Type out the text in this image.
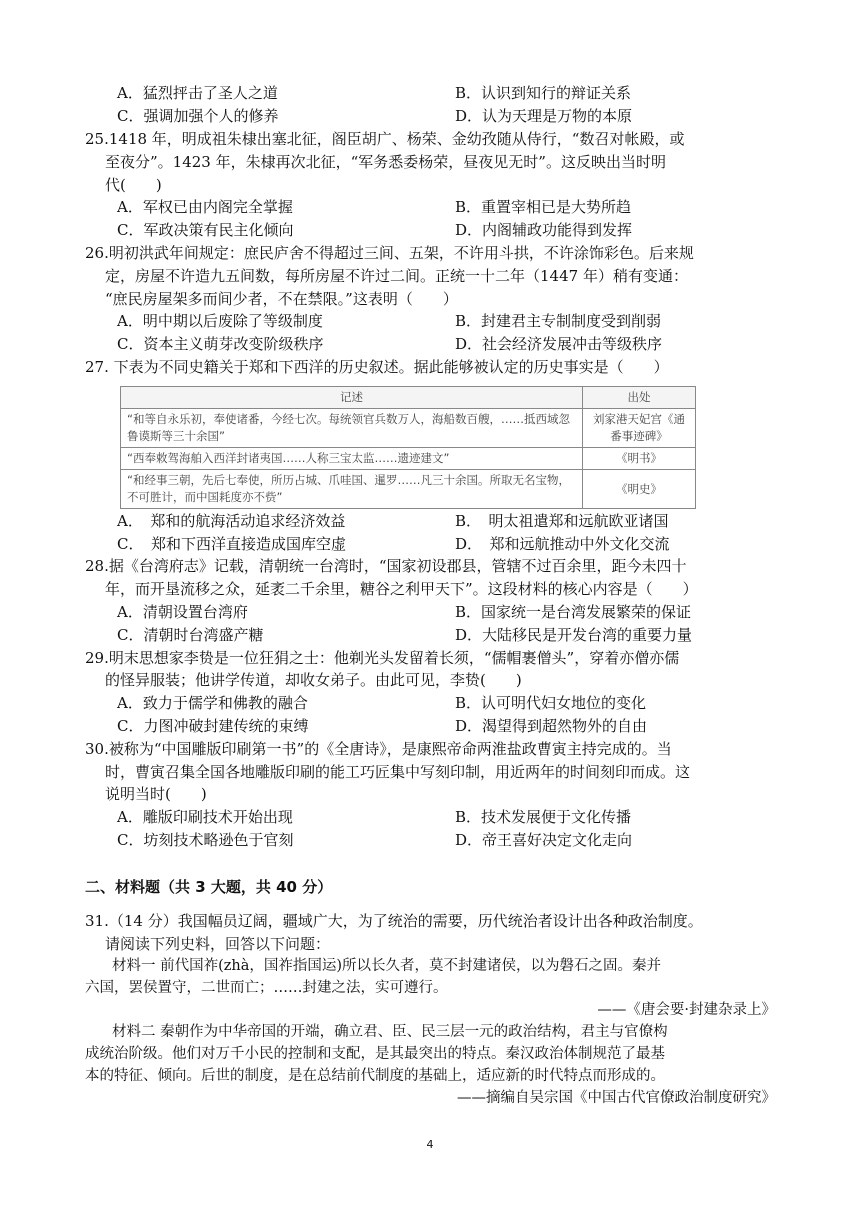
A．猛烈抨击了圣人之道	B．认识到知行的辩证关系
C．强调加强个人的修养	D．认为天理是万物的本原
25.1418 年，明成祖朱棣出塞北征，阁臣胡广、杨荣、金幼孜随从侍行，“数召对帐殿，或
至夜分”。1423 年，朱棣再次北征，“军务悉委杨荣，昼夜见无时”。这反映出当时明
代(　　)
A．军权已由内阁完全掌握	B．重置宰相已是大势所趋
C．军政决策有民主化倾向	D．内阁辅政功能得到发挥
26.明初洪武年间规定：庶民庐舍不得超过三间、五架，不许用斗拱，不许涂饰彩色。后来规
定，房屋不许造九五间数，每所房屋不许过二间。正统一十二年（1447 年）稍有变通：
“庶民房屋架多而间少者，不在禁限。”这表明（　　）
A．明中期以后废除了等级制度	B．封建君主专制制度受到削弱
C．资本主义萌芽改变阶级秩序	D．社会经济发展冲击等级秩序
27. 下表为不同史籍关于郑和下西洋的历史叙述。据此能够被认定的历史事实是（　　）
记述	出处
“和等自永乐初，奉使诸番，今经七次。每统领官兵数万人，海船数百艘，……抵西域忽鲁谟斯等三十余国”	刘家港天妃宫《通番事迹碑》
“西奉敕驾海舶入西洋封诸夷国……人称三宝太监……遗迹建文”	《明书》
“和经事三朝，先后七奉使，所历占城、爪哇国、暹罗……凡三十余国。所取无名宝物，不可胜计，而中国耗度亦不赀”	《明史》
A．　郑和的航海活动追求经济效益	B．　明太祖遣郑和远航欧亚诸国
C．　郑和下西洋直接造成国库空虚	D．　郑和远航推动中外文化交流
28.据《台湾府志》记载，清朝统一台湾时，“国家初设郡县，管辖不过百余里，距今未四十
年，而开垦流移之众，延袤二千余里，糖谷之利甲天下”。这段材料的核心内容是（　　）
A．清朝设置台湾府	B．国家统一是台湾发展繁荣的保证
C．清朝时台湾盛产糖	D．大陆移民是开发台湾的重要力量
29.明末思想家李贽是一位狂狷之士：他剃光头发留着长须，“儒帽裹僧头”，穿着亦僧亦儒
的怪异服装；他讲学传道，却收女弟子。由此可见，李贽(　　)
A．致力于儒学和佛教的融合	B．认可明代妇女地位的变化
C．力图冲破封建传统的束缚	D．渴望得到超然物外的自由
30.被称为“中国雕版印刷第一书”的《全唐诗》，是康熙帝命两淮盐政曹寅主持完成的。当
时，曹寅召集全国各地雕版印刷的能工巧匠集中写刻印制，用近两年的时间刻印而成。这
说明当时(　　)
A．雕版印刷技术开始出现	B．技术发展便于文化传播
C．坊刻技术略逊色于官刻	D．帝王喜好决定文化走向
二、材料题（共 3 大题，共 40 分）
31.（14 分）我国幅员辽阔，疆域广大，为了统治的需要，历代统治者设计出各种政治制度。
请阅读下列史料，回答以下问题：
材料一 前代国祚(zhà，国祚指国运)所以长久者，莫不封建诸侯，以为磐石之固。秦并
六国，罢侯置守，二世而亡；……封建之法，实可遵行。
——《唐会要·封建杂录上》
材料二 秦朝作为中华帝国的开端，确立君、臣、民三层一元的政治结构，君主与官僚构
成统治阶级。他们对万千小民的控制和支配，是其最突出的特点。秦汉政治体制规范了最基
本的特征、倾向。后世的制度，是在总结前代制度的基础上，适应新的时代特点而形成的。
——摘编自吴宗国《中国古代官僚政治制度研究》
4
